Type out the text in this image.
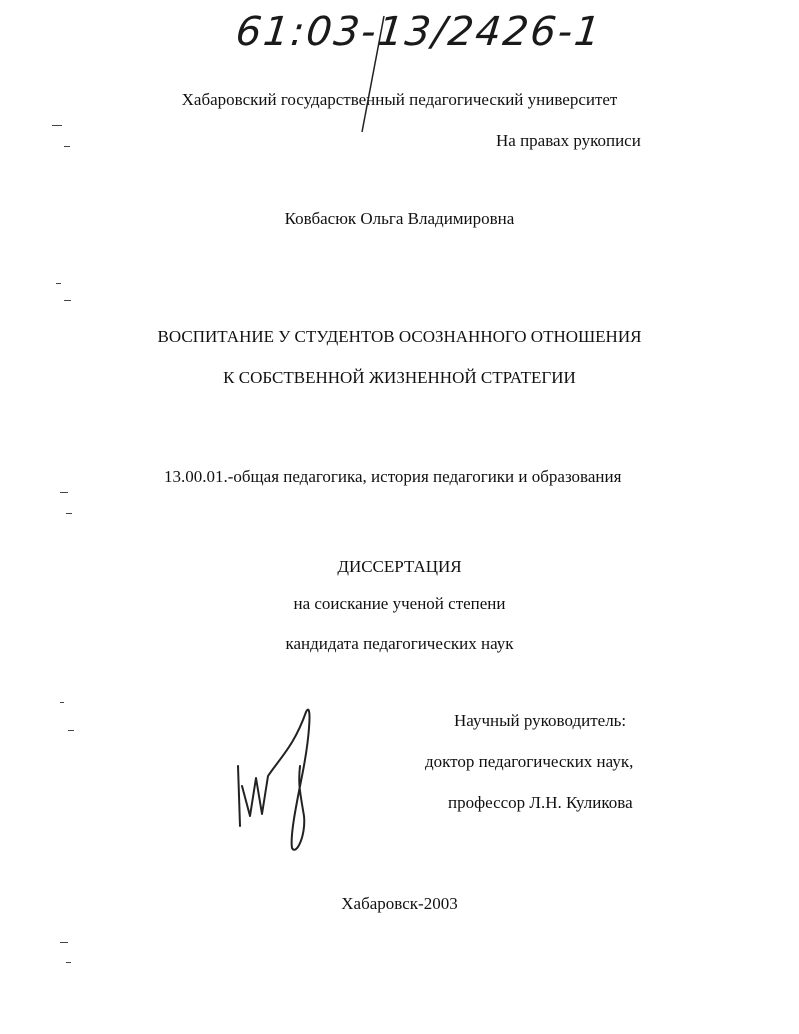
61:03-13/2426-1
Хабаровский государственный педагогический университет
На правах рукописи
Ковбасюк Ольга Владимировна
ВОСПИТАНИЕ У СТУДЕНТОВ ОСОЗНАННОГО ОТНОШЕНИЯ
К СОБСТВЕННОЙ ЖИЗНЕННОЙ СТРАТЕГИИ
13.00.01.-общая педагогика, история педагогики и образования
ДИССЕРТАЦИЯ
на соискание ученой степени
кандидата педагогических наук
Научный руководитель:
доктор педагогических наук,
профессор Л.Н. Куликова
Хабаровск-2003
